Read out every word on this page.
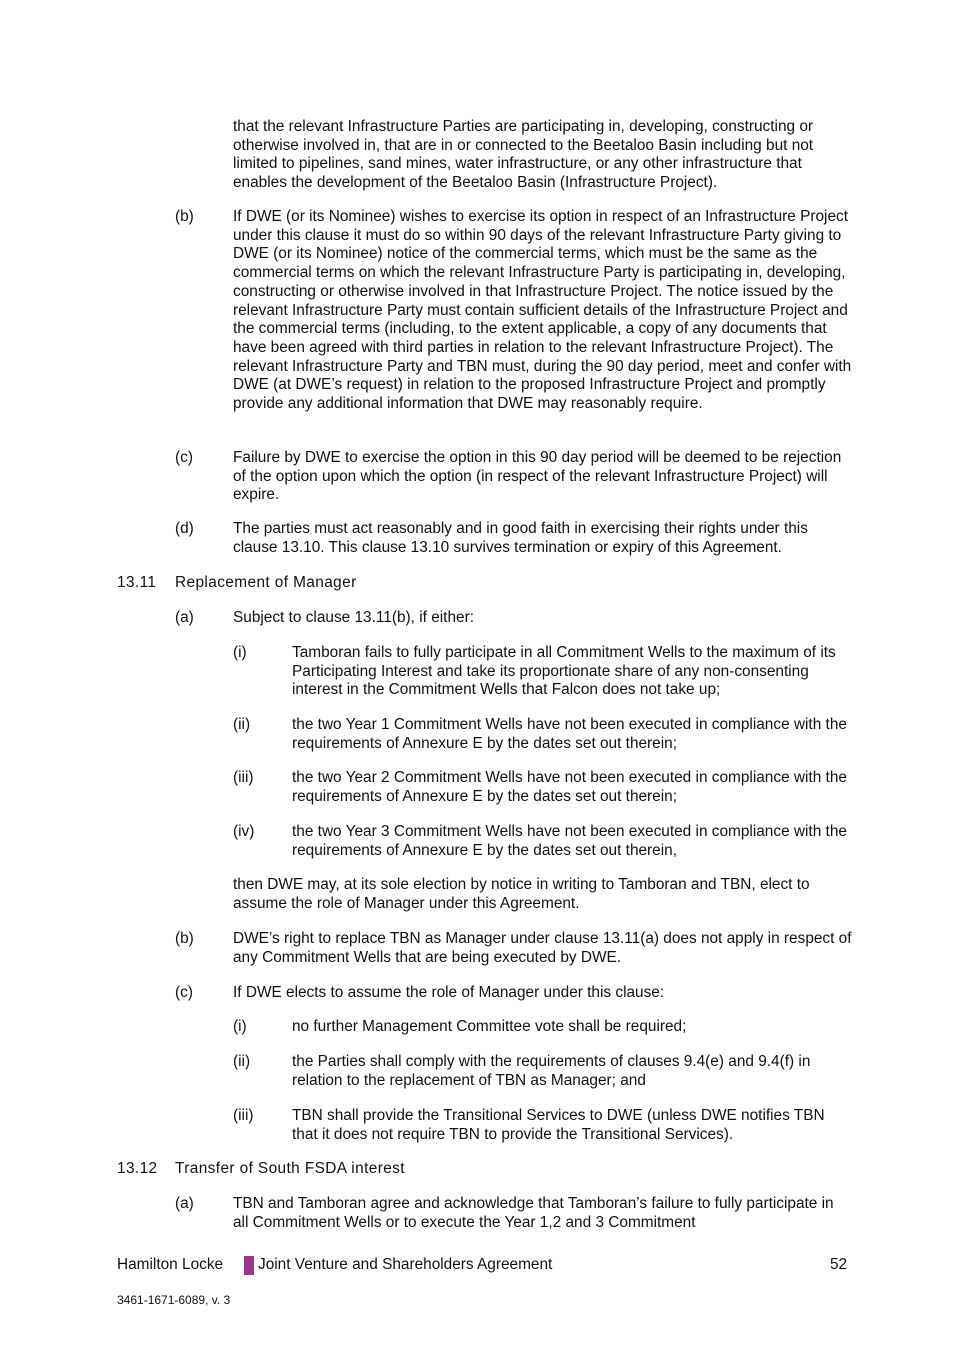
that the relevant Infrastructure Parties are participating in, developing, constructing or otherwise involved in, that are in or connected to the Beetaloo Basin including but not limited to pipelines, sand mines, water infrastructure, or any other infrastructure that enables the development of the Beetaloo Basin (Infrastructure Project).

(b)	If DWE (or its Nominee) wishes to exercise its option in respect of an Infrastructure Project under this clause it must do so within 90 days of the relevant Infrastructure Party giving to DWE (or its Nominee) notice of the commercial terms, which must be the same as the commercial terms on which the relevant Infrastructure Party is participating in, developing, constructing or otherwise involved in that Infrastructure Project. The notice issued by the relevant Infrastructure Party must contain sufficient details of the Infrastructure Project and the commercial terms (including, to the extent applicable, a copy of any documents that have been agreed with third parties in relation to the relevant Infrastructure Project). The relevant Infrastructure Party and TBN must, during the 90 day period, meet and confer with DWE (at DWE’s request) in relation to the proposed Infrastructure Project and promptly provide any additional information that DWE may reasonably require.

(c)	Failure by DWE to exercise the option in this 90 day period will be deemed to be rejection of the option upon which the option (in respect of the relevant Infrastructure Project) will expire.

(d)	The parties must act reasonably and in good faith in exercising their rights under this clause 13.10. This clause 13.10 survives termination or expiry of this Agreement.

13.11 Replacement of Manager
(a)	Subject to clause 13.11(b), if either:

(i)	Tamboran fails to fully participate in all Commitment Wells to the maximum of its Participating Interest and take its proportionate share of any non-consenting interest in the Commitment Wells that Falcon does not take up;

(ii)	the two Year 1 Commitment Wells have not been executed in compliance with the requirements of Annexure E by the dates set out therein;

(iii) the two Year 2 Commitment Wells have not been executed in compliance with the requirements of Annexure E by the dates set out therein;

(iv) the two Year 3 Commitment Wells have not been executed in compliance with the requirements of Annexure E by the dates set out therein,

then DWE may, at its sole election by notice in writing to Tamboran and TBN, elect to assume the role of Manager under this Agreement.

(b)	DWE’s right to replace TBN as Manager under clause 13.11(a) does not apply in respect of any Commitment Wells that are being executed by DWE.

(c)	If DWE elects to assume the role of Manager under this clause:

(i)	no further Management Committee vote shall be required;

(ii)	the Parties shall comply with the requirements of clauses 9.4(e) and 9.4(f) in relation to the replacement of TBN as Manager; and

(iii) TBN shall provide the Transitional Services to DWE (unless DWE notifies TBN that it does not require TBN to provide the Transitional Services).

13.12 Transfer of South FSDA interest
(a)	TBN and Tamboran agree and acknowledge that Tamboran’s failure to fully participate in all Commitment Wells or to execute the Year 1,2 and 3 Commitment

Hamilton Locke Joint Venture and Shareholders Agreement	52
3461-1671-6089, v. 3
